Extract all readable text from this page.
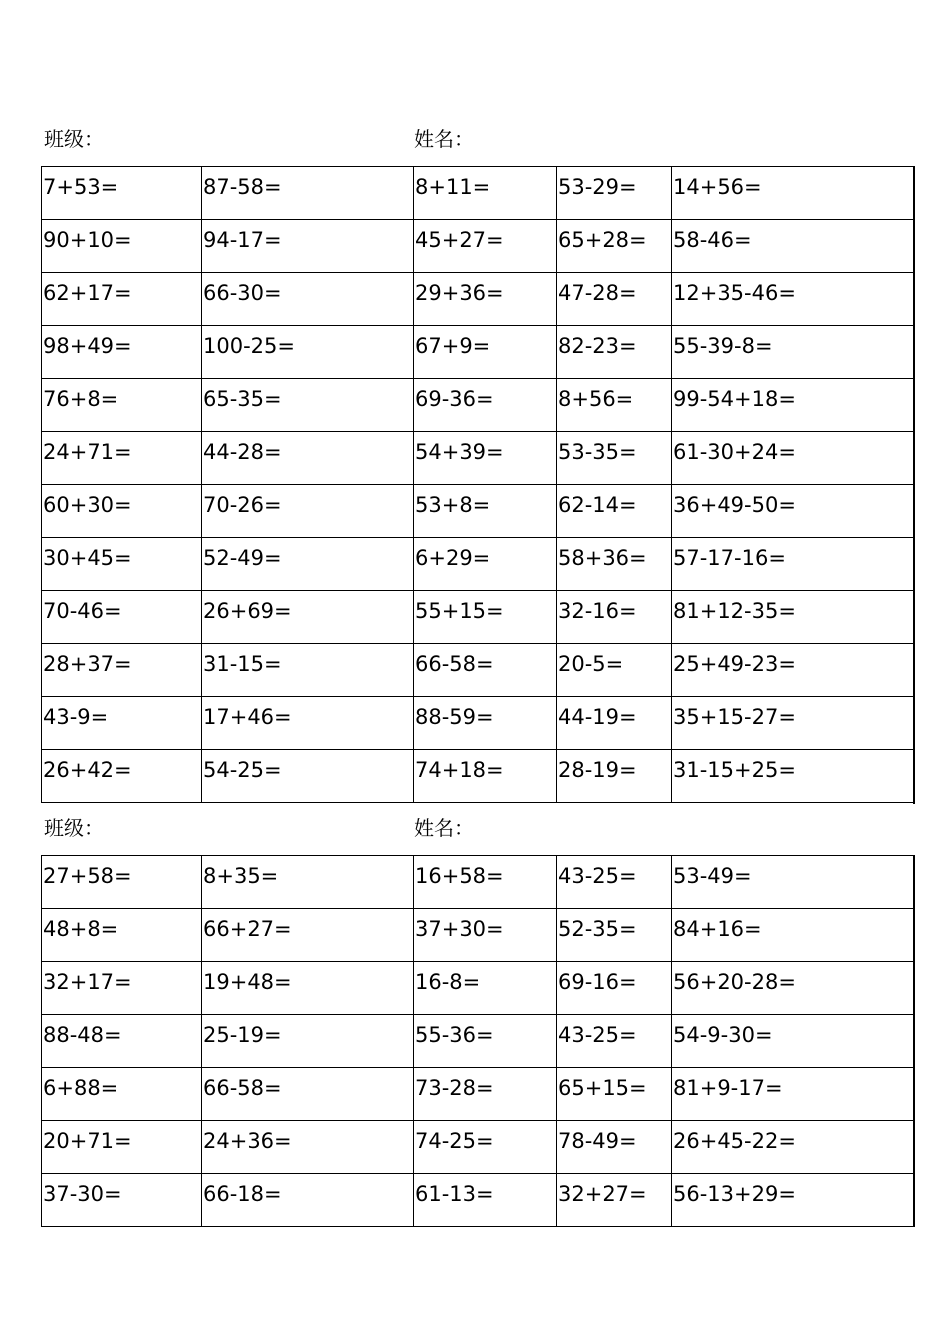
班级：	姓名：
7+53=	87-58=	8+11=	53-29=	14+56=
90+10=	94-17=	45+27=	65+28=	58-46=
62+17=	66-30=	29+36=	47-28=	12+35-46=
98+49=	100-25=	67+9=	82-23=	55-39-8=
76+8=	65-35=	69-36=	8+56=	99-54+18=
24+71=	44-28=	54+39=	53-35=	61-30+24=
60+30=	70-26=	53+8=	62-14=	36+49-50=
30+45=	52-49=	6+29=	58+36=	57-17-16=
70-46=	26+69=	55+15=	32-16=	81+12-35=
28+37=	31-15=	66-58=	20-5=	25+49-23=
43-9=	17+46=	88-59=	44-19=	35+15-27=
26+42=	54-25=	74+18=	28-19=	31-15+25=
班级：	姓名：
27+58=	8+35=	16+58=	43-25=	53-49=
48+8=	66+27=	37+30=	52-35=	84+16=
32+17=	19+48=	16-8=	69-16=	56+20-28=
88-48=	25-19=	55-36=	43-25=	54-9-30=
6+88=	66-58=	73-28=	65+15=	81+9-17=
20+71=	24+36=	74-25=	78-49=	26+45-22=
37-30=	66-18=	61-13=	32+27=	56-13+29=
